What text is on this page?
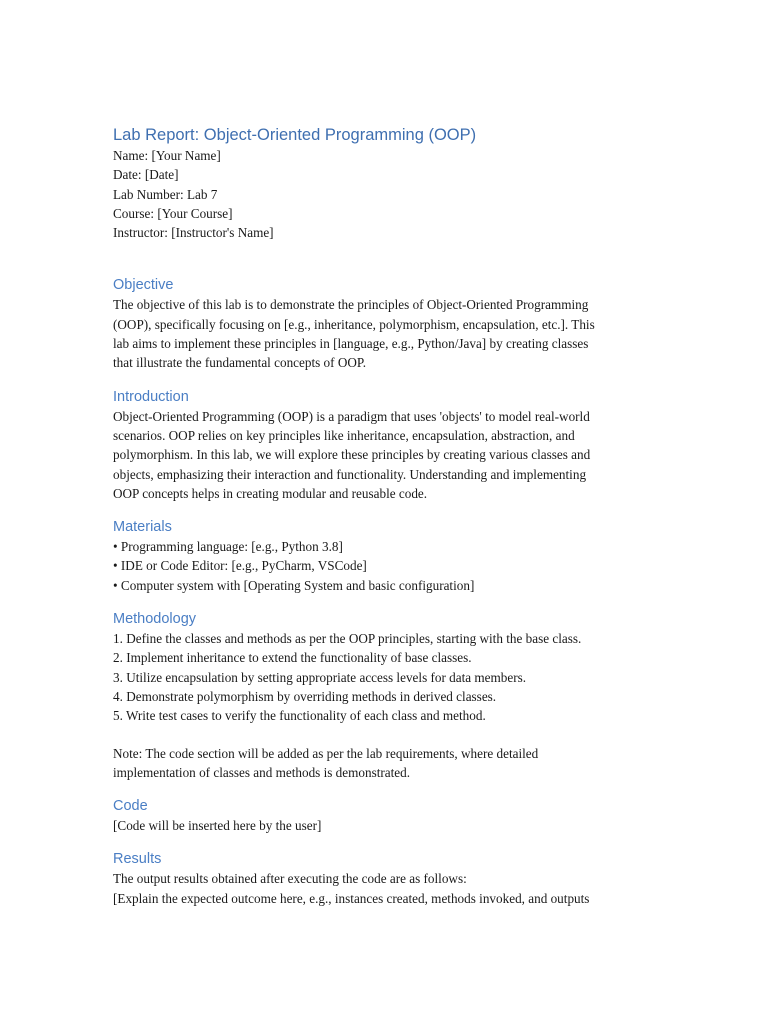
Lab Report: Object-Oriented Programming (OOP)

Name: [Your Name]

Date: [Date]

Lab Number: Lab 7

Course: [Your Course]

Instructor: [Instructor's Name]

Objective

The objective of this lab is to demonstrate the principles of Object-Oriented Programming
(OOP), specifically focusing on [e.g., inheritance, polymorphism, encapsulation, etc.]. This
lab aims to implement these principles in [language, e.g., Python/Java] by creating classes
that illustrate the fundamental concepts of OOP.

Introduction

Object-Oriented Programming (OOP) is a paradigm that uses 'objects' to model real-world
scenarios. OOP relies on key principles like inheritance, encapsulation, abstraction, and
polymorphism. In this lab, we will explore these principles by creating various classes and
objects, emphasizing their interaction and functionality. Understanding and implementing
OOP concepts helps in creating modular and reusable code.

Materials

• Programming language: [e.g., Python 3.8]

• IDE or Code Editor: [e.g., PyCharm, VSCode]

• Computer system with [Operating System and basic configuration]

Methodology

1. Define the classes and methods as per the OOP principles, starting with the base class.

2. Implement inheritance to extend the functionality of base classes.

3. Utilize encapsulation by setting appropriate access levels for data members.

4. Demonstrate polymorphism by overriding methods in derived classes.

5. Write test cases to verify the functionality of each class and method.

Note: The code section will be added as per the lab requirements, where detailed
implementation of classes and methods is demonstrated.

Code

[Code will be inserted here by the user]

Results

The output results obtained after executing the code are as follows:
[Explain the expected outcome here, e.g., instances created, methods invoked, and outputs
